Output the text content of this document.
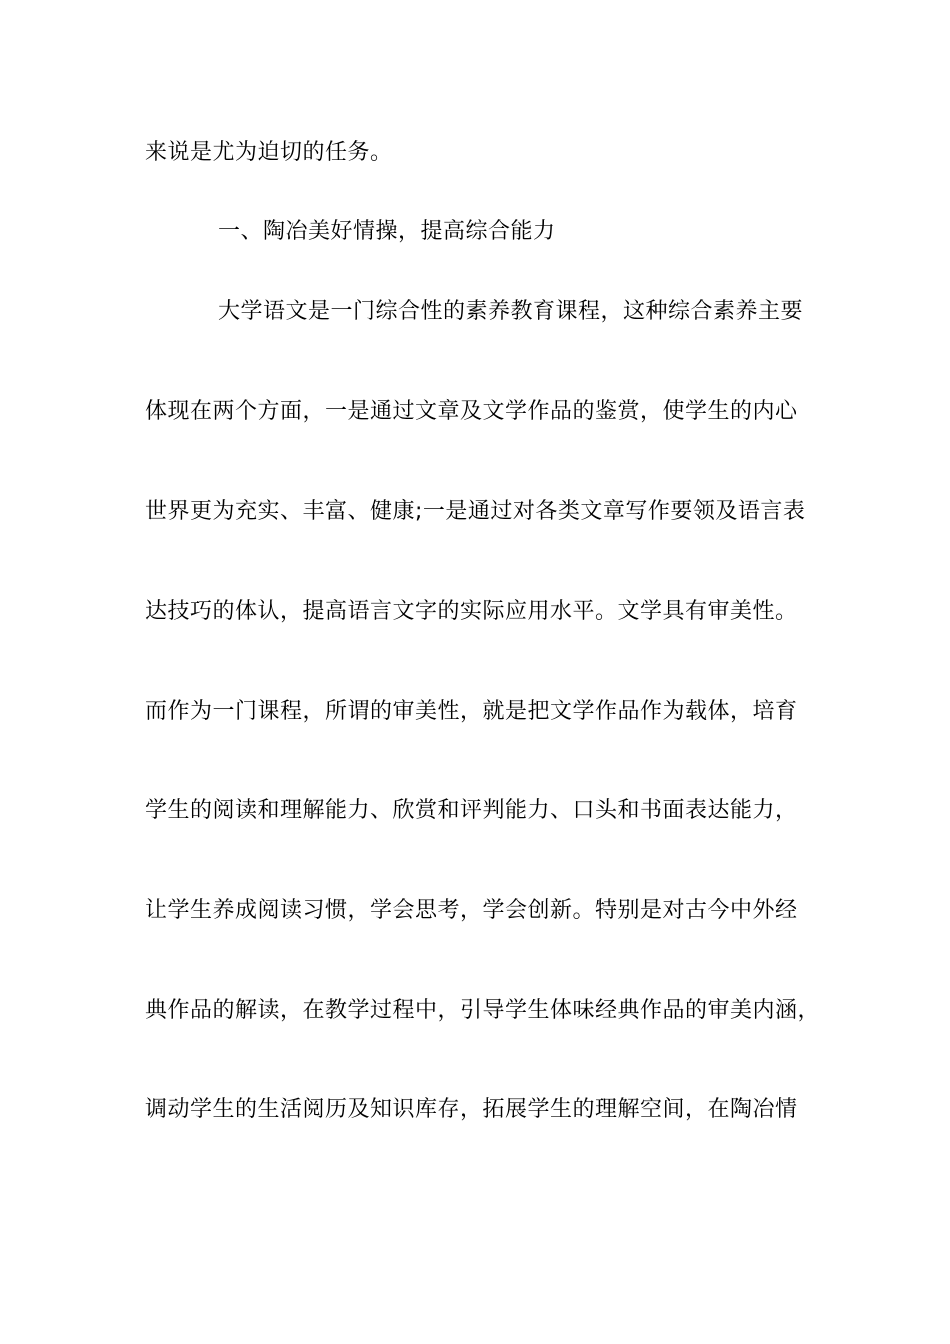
来说是尤为迫切的任务。
一、陶冶美好情操，提高综合能力
大学语文是一门综合性的素养教育课程，这种综合素养主要
体现在两个方面，一是通过文章及文学作品的鉴赏，使学生的内心
世界更为充实、丰富、健康;一是通过对各类文章写作要领及语言表
达技巧的体认，提高语言文字的实际应用水平。文学具有审美性。
而作为一门课程，所谓的审美性，就是把文学作品作为载体，培育
学生的阅读和理解能力、欣赏和评判能力、口头和书面表达能力，
让学生养成阅读习惯，学会思考，学会创新。特别是对古今中外经
典作品的解读，在教学过程中，引导学生体味经典作品的审美内涵，
调动学生的生活阅历及知识库存，拓展学生的理解空间，在陶冶情
